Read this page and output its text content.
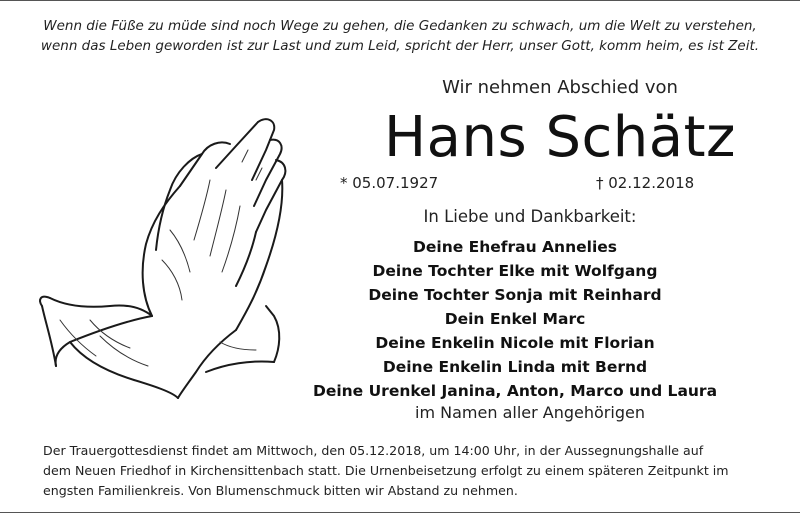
Wenn die Füße zu müde sind noch Wege zu gehen, die Gedanken zu schwach, um die Welt zu verstehen,
wenn das Leben geworden ist zur Last und zum Leid, spricht der Herr, unser Gott, komm heim, es ist Zeit.
Wir nehmen Abschied von
Hans Schätz
* 05.07.1927	† 02.12.2018
In Liebe und Dankbarkeit:
Deine Ehefrau Annelies
Deine Tochter Elke mit Wolfgang
Deine Tochter Sonja mit Reinhard
Dein Enkel Marc
Deine Enkelin Nicole mit Florian
Deine Enkelin Linda mit Bernd
Deine Urenkel Janina, Anton, Marco und Laura
im Namen aller Angehörigen
Der Trauergottesdienst findet am Mittwoch, den 05.12.2018, um 14:00 Uhr, in der Aussegnungshalle auf
dem Neuen Friedhof in Kirchensittenbach statt. Die Urnenbeisetzung erfolgt zu einem späteren Zeitpunkt im
engsten Familienkreis. Von Blumenschmuck bitten wir Abstand zu nehmen.
